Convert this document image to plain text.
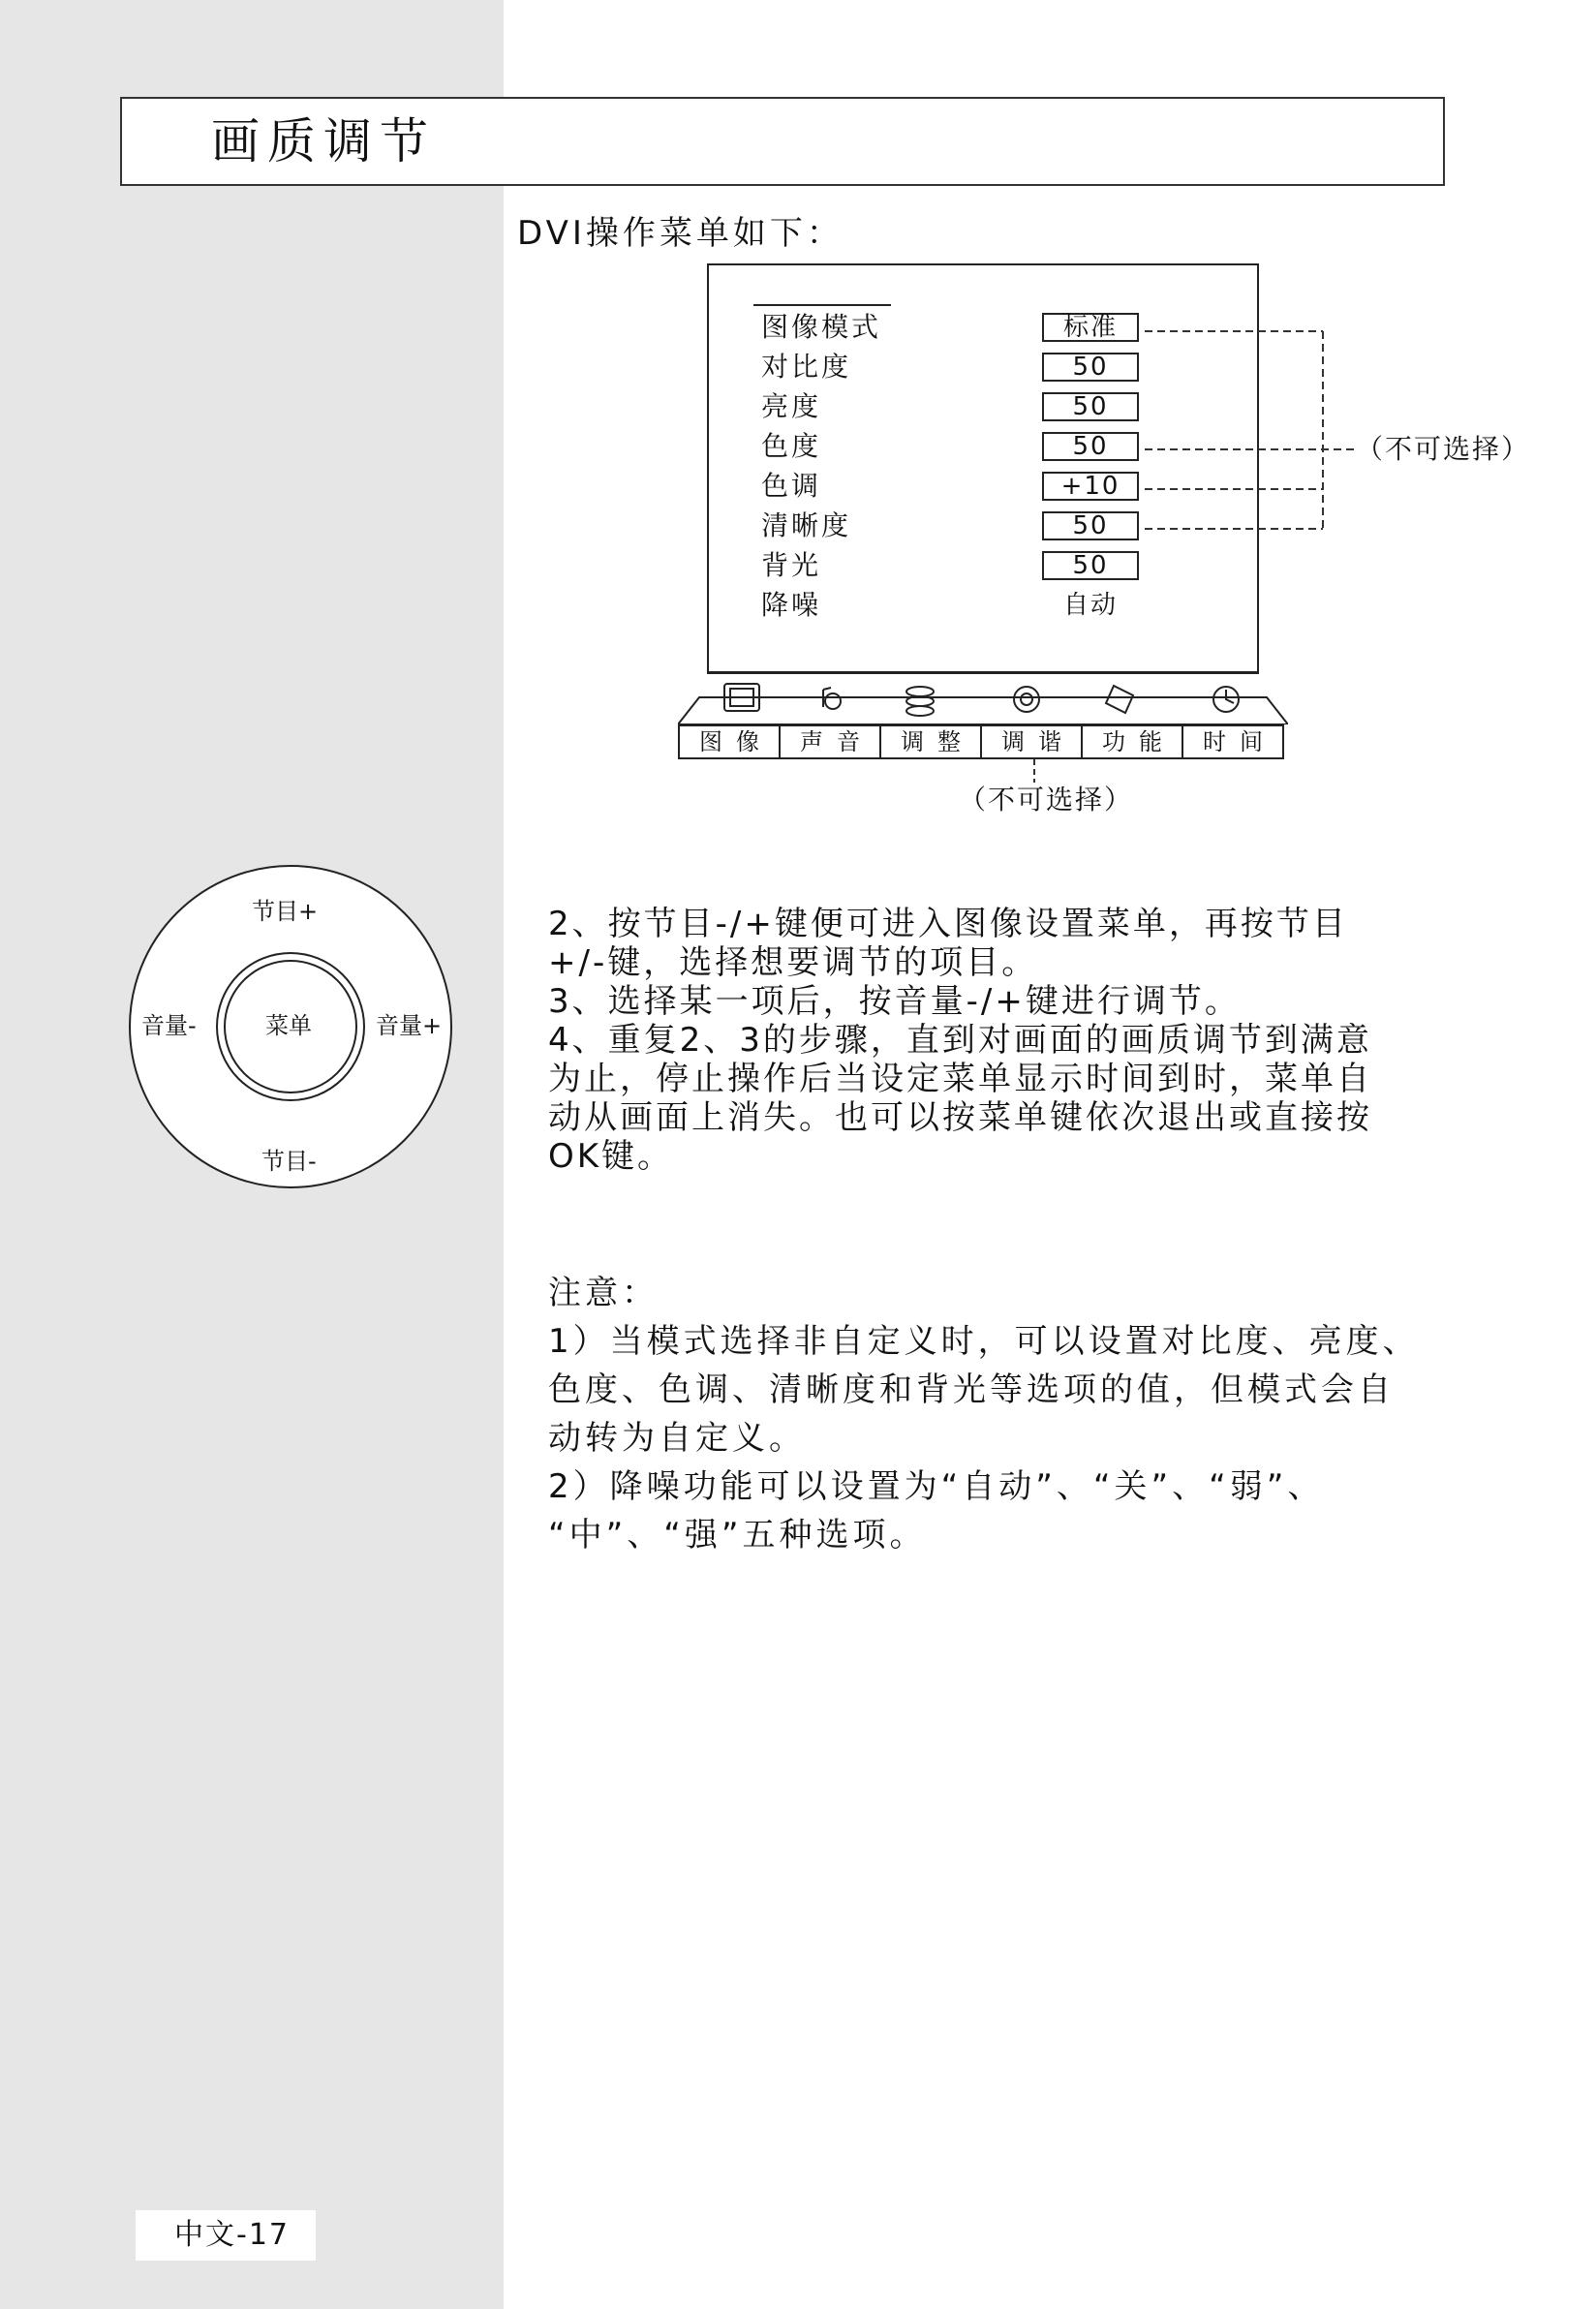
画质调节
DVI操作菜单如下：
图像模式	标准
对比度	50
亮度	50
色度	50
色调	+10
清晰度	50
背光	50
降噪	自动
（不可选择）
图像	声音	调整	调谐	功能	时间
（不可选择）
节目+
节目-
音量-	音量+
菜单
2、按节目-/+键便可进入图像设置菜单，再按节目
+/-键，选择想要调节的项目。
3、选择某一项后，按音量-/+键进行调节。
4、重复2、3的步骤，直到对画面的画质调节到满意
为止，停止操作后当设定菜单显示时间到时，菜单自
动从画面上消失。也可以按菜单键依次退出或直接按
OK键。
注意：
1）当模式选择非自定义时，可以设置对比度、亮度、
色度、色调、清晰度和背光等选项的值，但模式会自
动转为自定义。
2）降噪功能可以设置为“自动”、“关”、“弱”、
“中”、“强”五种选项。
中文-17
